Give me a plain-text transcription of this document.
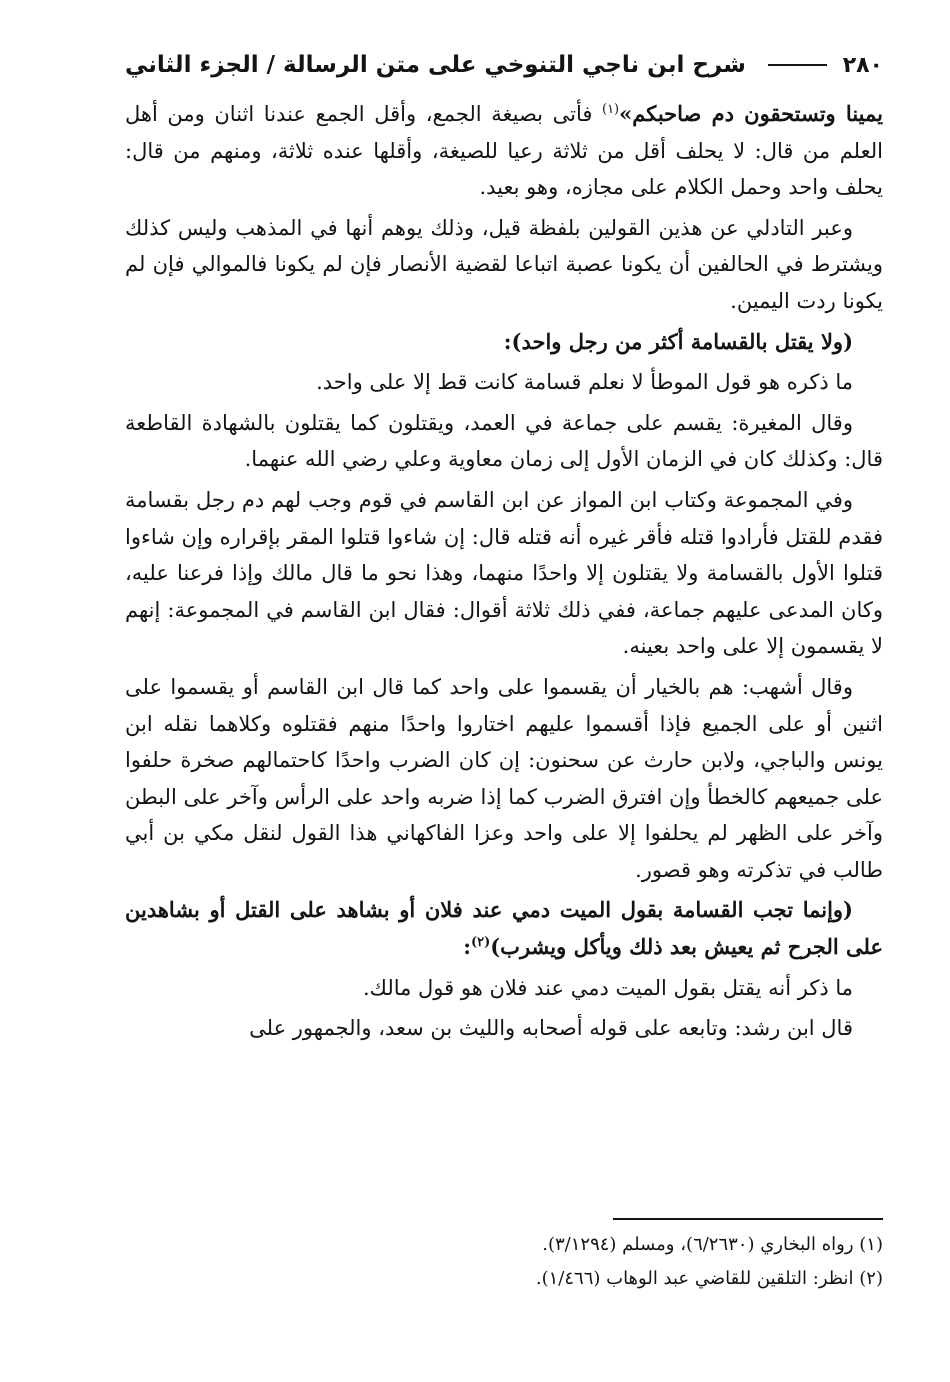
٢٨٠
شرح ابن ناجي التنوخي على متن الرسالة / الجزء الثاني

يمينا وتستحقون دم صاحبكم»$^{(١)}$ فأتى بصيغة الجمع، وأقل الجمع عندنا اثنان ومن أهل العلم من قال: لا يحلف أقل من ثلاثة رعيا للصيغة، وأقلها عنده ثلاثة، ومنهم من قال: يحلف واحد وحمل الكلام على مجازه، وهو بعيد.

وعبر التادلي عن هذين القولين بلفظة قيل، وذلك يوهم أنها في المذهب وليس كذلك ويشترط في الحالفين أن يكونا عصبة اتباعا لقضية الأنصار فإن لم يكونا فالموالي فإن لم يكونا ردت اليمين.

(ولا يقتل بالقسامة أكثر من رجل واحد):

ما ذكره هو قول الموطأ لا نعلم قسامة كانت قط إلا على واحد.

وقال المغيرة: يقسم على جماعة في العمد، ويقتلون كما يقتلون بالشهادة القاطعة قال: وكذلك كان في الزمان الأول إلى زمان معاوية وعلي رضي الله عنهما.

وفي المجموعة وكتاب ابن المواز عن ابن القاسم في قوم وجب لهم دم رجل بقسامة فقدم للقتل فأرادوا قتله فأقر غيره أنه قتله قال: إن شاءوا قتلوا المقر بإقراره وإن شاءوا قتلوا الأول بالقسامة ولا يقتلون إلا واحدًا منهما، وهذا نحو ما قال مالك وإذا فرعنا عليه، وكان المدعى عليهم جماعة، ففي ذلك ثلاثة أقوال: فقال ابن القاسم في المجموعة: إنهم لا يقسمون إلا على واحد بعينه.

وقال أشهب: هم بالخيار أن يقسموا على واحد كما قال ابن القاسم أو يقسموا على اثنين أو على الجميع فإذا أقسموا عليهم اختاروا واحدًا منهم فقتلوه وكلاهما نقله ابن يونس والباجي، ولابن حارث عن سحنون: إن كان الضرب واحدًا كاحتمالهم صخرة حلفوا على جميعهم كالخطأ وإن افترق الضرب كما إذا ضربه واحد على الرأس وآخر على البطن وآخر على الظهر لم يحلفوا إلا على واحد وعزا الفاكهاني هذا القول لنقل مكي بن أبي طالب في تذكرته وهو قصور.

(وإنما تجب القسامة بقول الميت دمي عند فلان أو بشاهد على القتل أو بشاهدين على الجرح ثم يعيش بعد ذلك ويأكل ويشرب)$^{(٢)}$:

ما ذكر أنه يقتل بقول الميت دمي عند فلان هو قول مالك.

قال ابن رشد: وتابعه على قوله أصحابه والليث بن سعد، والجمهور على

(١) رواه البخاري (٦/٢٦٣٠)، ومسلم (٣/١٢٩٤).

(٢) انظر: التلقين للقاضي عبد الوهاب (١/٤٦٦).
